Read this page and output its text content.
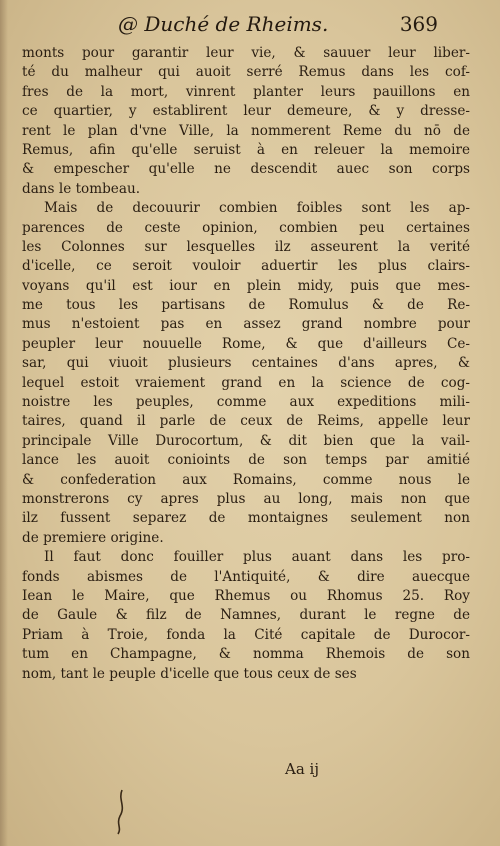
@ Duché de Rheims.	369
monts pour garantir leur vie, & sauuer leur liber-
té du malheur qui auoit serré Remus dans les cof-
fres de la mort, vinrent planter leurs pauillons en
ce quartier, y establirent leur demeure, & y dresse-
rent le plan d'vne Ville, la nommerent Reme du nō de
Remus, afin qu'elle seruist à en releuer la memoire
& empescher qu'elle ne descendit auec son corps
dans le tombeau.
Mais de decouurir combien foibles sont les ap-
parences de ceste opinion, combien peu certaines
les Colonnes sur lesquelles ilz asseurent la verité
d'icelle, ce seroit vouloir aduertir les plus clairs-
voyans qu'il est iour en plein midy, puis que mes-
me tous les partisans de Romulus & de Re-
mus n'estoient pas en assez grand nombre pour
peupler leur nouuelle Rome, & que d'ailleurs Ce-
sar, qui viuoit plusieurs centaines d'ans apres, &
lequel estoit vraiement grand en la science de cog-
noistre les peuples, comme aux expeditions mili-
taires, quand il parle de ceux de Reims, appelle leur
principale Ville Durocortum, & dit bien que la vail-
lance les auoit conioints de son temps par amitié
& confederation aux Romains, comme nous le
monstrerons cy apres plus au long, mais non que
ilz fussent separez de montaignes seulement non
de premiere origine.
Il faut donc fouiller plus auant dans les pro-
fonds abismes de l'Antiquité, & dire auecque
Iean le Maire, que Rhemus ou Rhomus 25. Roy
de Gaule & filz de Namnes, durant le regne de
Priam à Troie, fonda la Cité capitale de Durocor-
tum en Champagne, & nomma Rhemois de son
nom, tant le peuple d'icelle que tous ceux de ses
Aa ij
